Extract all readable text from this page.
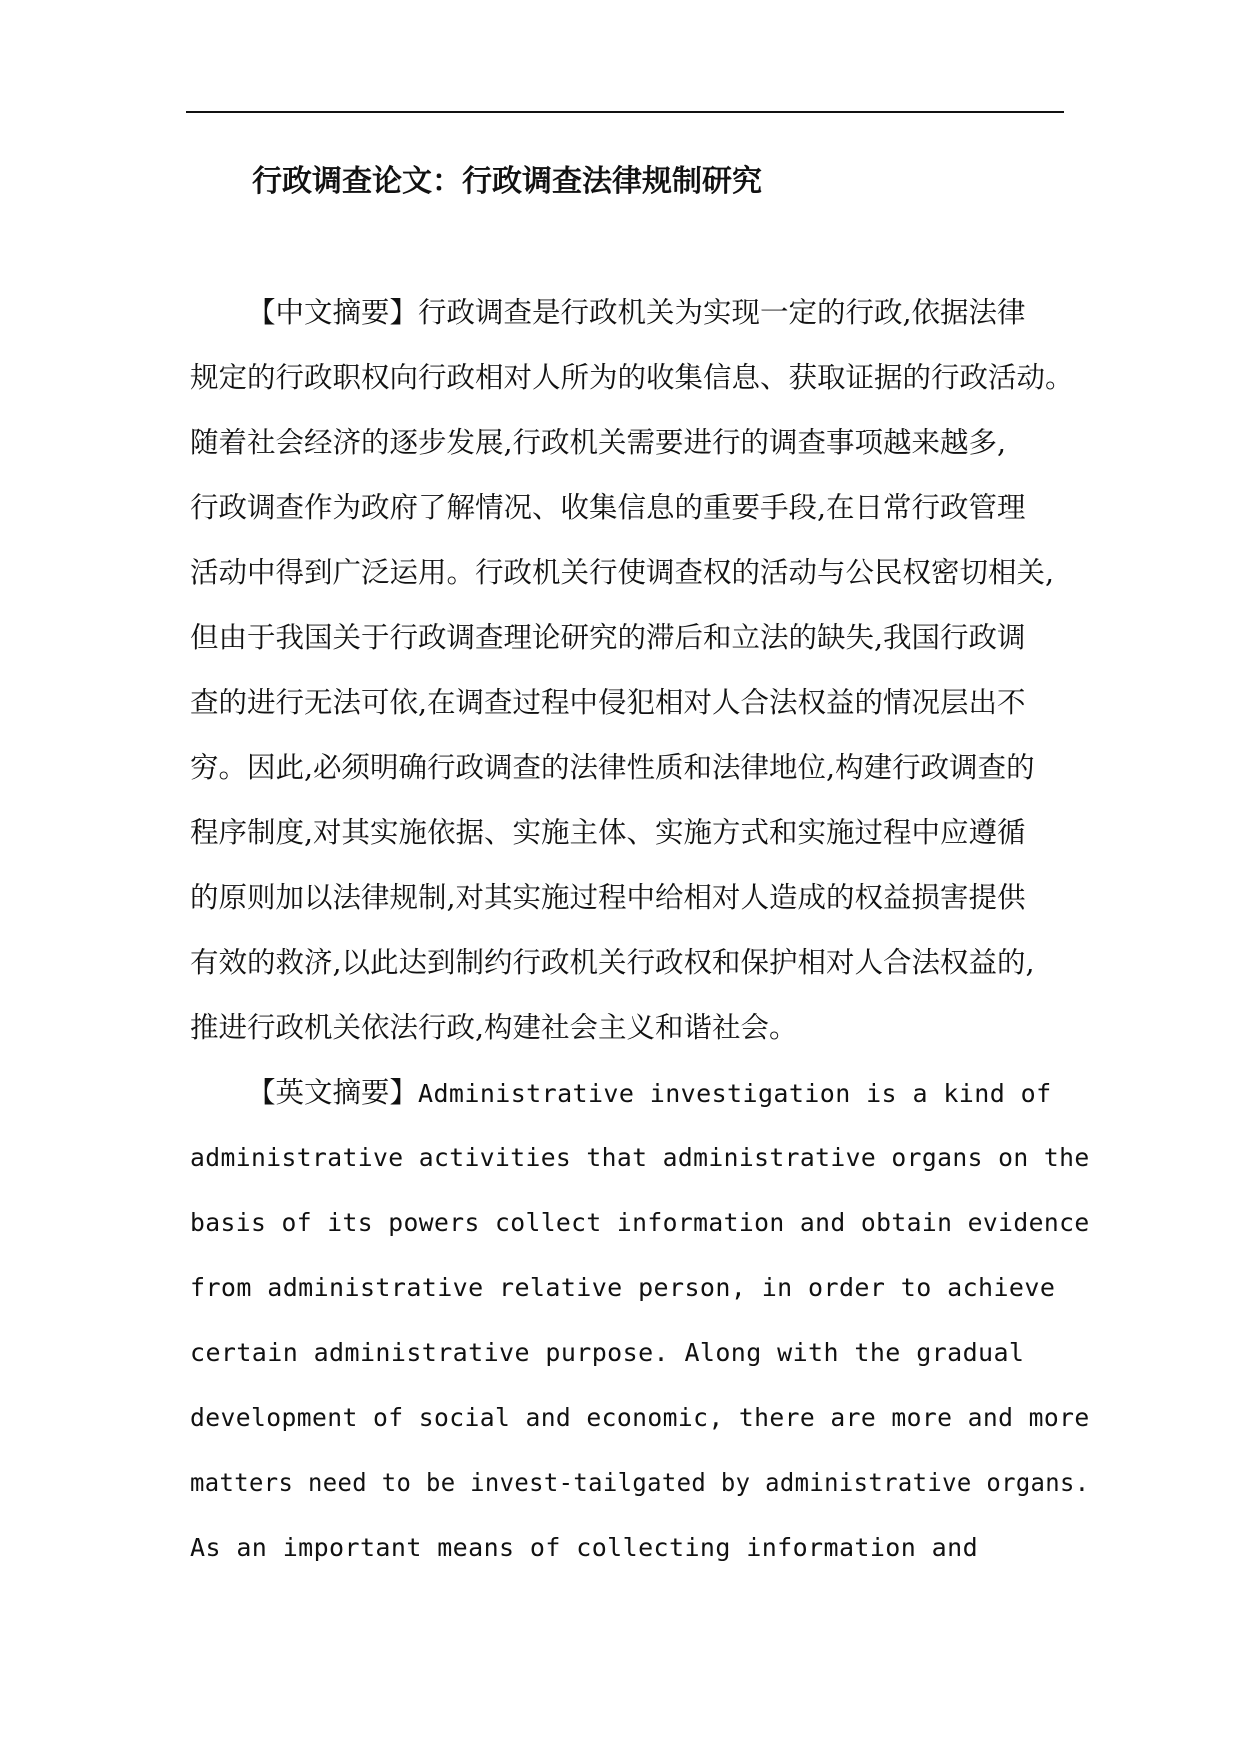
行政调查论文：行政调查法律规制研究

【中文摘要】行政调查是行政机关为实现一定的行政,依据法律

规定的行政职权向行政相对人所为的收集信息、获取证据的行政活动。

随着社会经济的逐步发展,行政机关需要进行的调查事项越来越多,

行政调查作为政府了解情况、收集信息的重要手段,在日常行政管理

活动中得到广泛运用。行政机关行使调查权的活动与公民权密切相关,

但由于我国关于行政调查理论研究的滞后和立法的缺失,我国行政调

查的进行无法可依,在调查过程中侵犯相对人合法权益的情况层出不

穷。因此,必须明确行政调查的法律性质和法律地位,构建行政调查的

程序制度,对其实施依据、实施主体、实施方式和实施过程中应遵循

的原则加以法律规制,对其实施过程中给相对人造成的权益损害提供

有效的救济,以此达到制约行政机关行政权和保护相对人合法权益的,

推进行政机关依法行政,构建社会主义和谐社会。

【英文摘要】Administrative investigation is a kind of

administrative activities that administrative organs on the

basis of its powers collect information and obtain evidence

from administrative relative person, in order to achieve

certain administrative purpose. Along with the gradual

development of social and economic, there are more and more

matters need to be invest-tailgated by administrative organs.

As an important means of collecting information and
